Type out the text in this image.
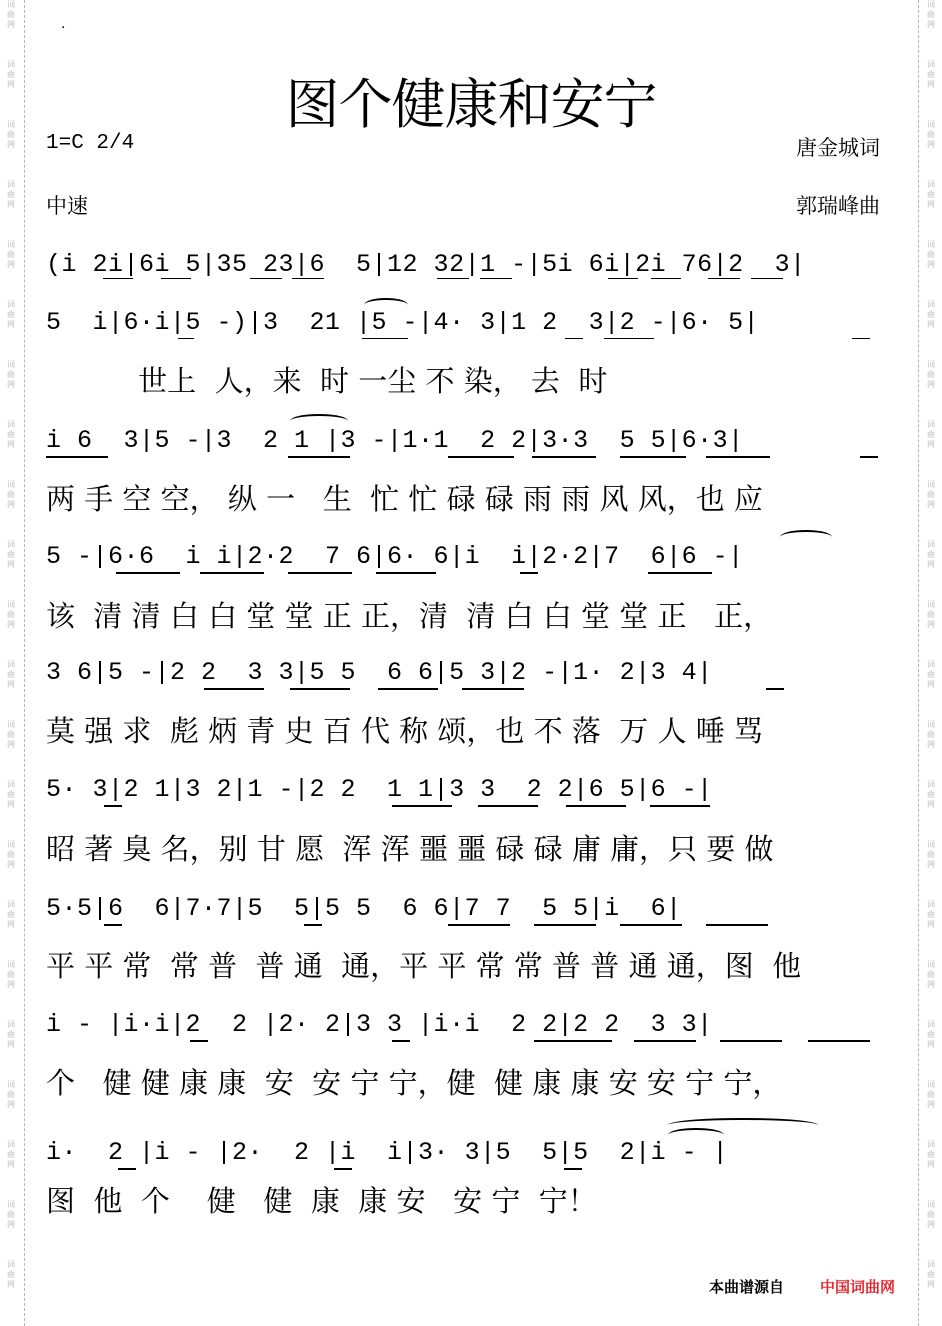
词
曲
网
词
曲
网
词
曲
网
词
曲
网
词
曲
网
词
曲
网
词
曲
网
词
曲
网
词
曲
网
词
曲
网
词
曲
网
词
曲
网
词
曲
网
词
曲
网
词
曲
网
词
曲
网
词
曲
网
词
曲
网
词
曲
网
词
曲
网
词
曲
网
词
曲
网
词
曲
网
词
曲
网
词
曲
网
词
曲
网
词
曲
网
词
曲
网
词
曲
网
词
曲
网
词
曲
网
词
曲
网
词
曲
网
词
曲
网
词
曲
网
词
曲
网
词
曲
网
词
曲
网
词
曲
网
词
曲
网
词
曲
网
词
曲
网
词
曲
网
词
曲
网
·
图个健康和安宁
1=C 2/4
中速
唐金城词
郭瑞峰曲
(i 2i|6i 5|35 23|6  5|12 32|1 -|5i 6i|2i 76|2  3|
5  i|6·i|5 -)|3  21 |5 -|4· 3|1 2  3|2 -|6· 5|
世上  人，来  时 一尘 不 染， 去  时
i 6  3|5 -|3  2 1 |3 -|1·1  2 2|3·3  5 5|6·3|
两 手 空 空， 纵 一   生  忙 忙 碌 碌 雨 雨 风 风，也 应
5 -|6·6  i i|2·2  7 6|6· 6|i  i|2·2|7  6|6 -|
该  清 清 白 白 堂 堂 正 正，清  清 白 白 堂 堂 正   正，
3 6|5 -|2 2  3 3|5 5  6 6|5 3|2 -|1· 2|3 4|
莫 强 求  彪 炳 青 史 百 代 称 颂，也 不 落  万 人 唾 骂
5· 3|2 1|3 2|1 -|2 2  1 1|3 3  2 2|6 5|6 -|
昭 著 臭 名，别 甘 愿  浑 浑 噩 噩 碌 碌 庸 庸，只 要 做
5·5|6  6|7·7|5  5|5 5  6 6|7 7  5 5|i  6|
平 平 常  常 普  普 通  通，平 平 常 常 普 普 通 通，图  他
i - |i·i|2  2 |2· 2|3 3 |i·i  2 2|2 2  3 3|
个   健 健 康 康  安  安 宁 宁，健  健 康 康 安 安 宁 宁，
i·  2 |i - |2·  2 |i  i|3· 3|5  5|5  2|i - |
图  他  个    健   健  康  康 安   安 宁  宁！
本曲谱源自 中国词曲网
